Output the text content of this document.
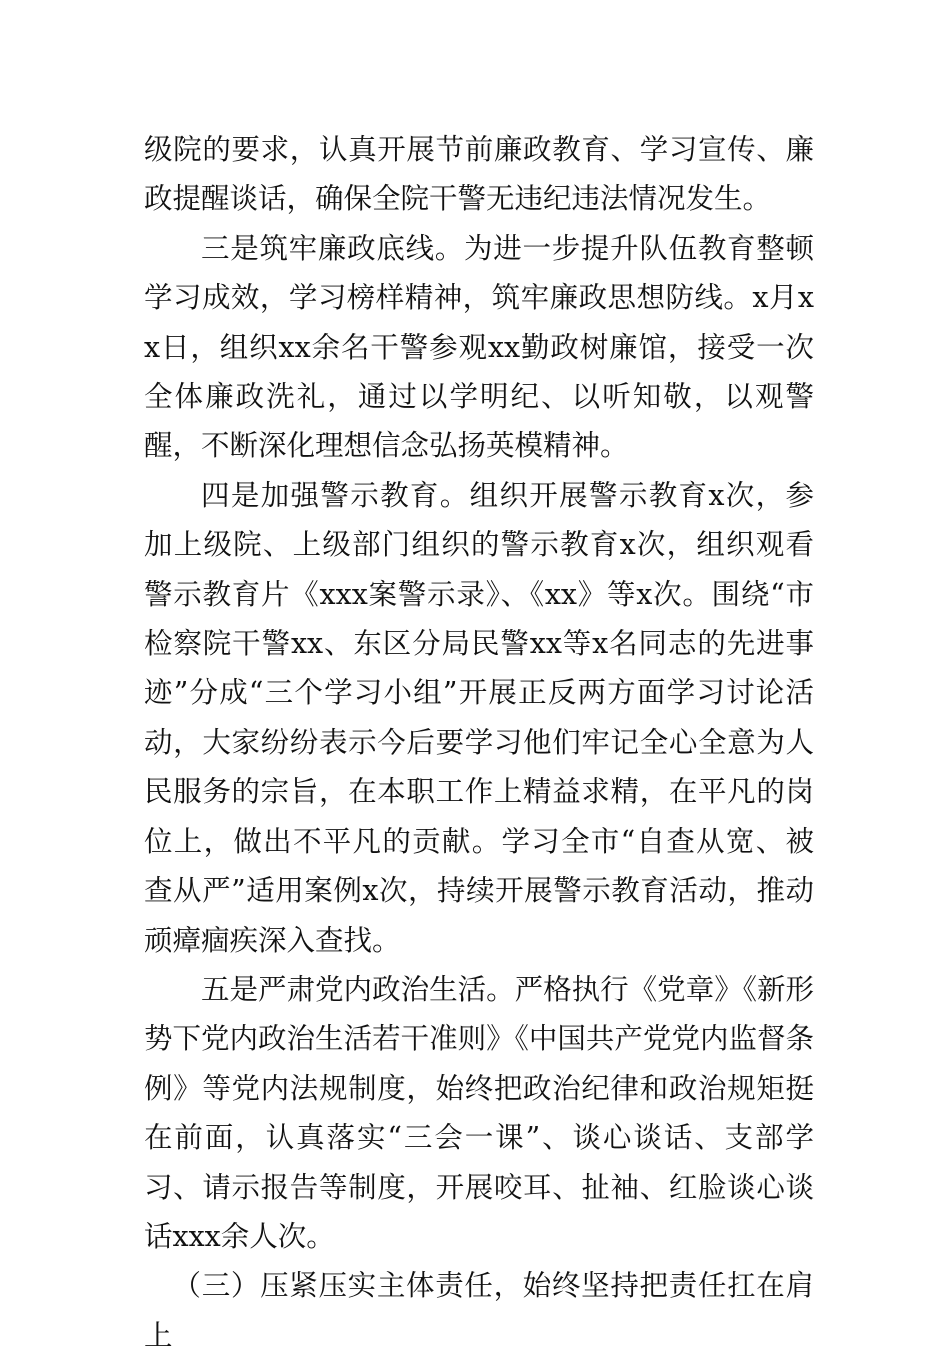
级院的要求，认真开展节前廉政教育、学习宣传、廉政提醒谈话，确保全院干警无违纪违法情况发生。

三是筑牢廉政底线。为进一步提升队伍教育整顿学习成效，学习榜样精神，筑牢廉政思想防线。x月xx日，组织xx余名干警参观xx勤政树廉馆，接受一次全体廉政洗礼，通过以学明纪、以听知敬，以观警醒，不断深化理想信念弘扬英模精神。

四是加强警示教育。组织开展警示教育x次，参加上级院、上级部门组织的警示教育x次，组织观看警示教育片《xxx案警示录》、《xx》等x次。围绕“市检察院干警xx、东区分局民警xx等x名同志的先进事迹”分成“三个学习小组”开展正反两方面学习讨论活动，大家纷纷表示今后要学习他们牢记全心全意为人民服务的宗旨，在本职工作上精益求精，在平凡的岗位上，做出不平凡的贡献。学习全市“自查从宽、被查从严”适用案例x次，持续开展警示教育活动，推动顽瘴痼疾深入查找。

五是严肃党内政治生活。严格执行《党章》《新形势下党内政治生活若干准则》《中国共产党党内监督条例》等党内法规制度，始终把政治纪律和政治规矩挺在前面，认真落实“三会一课”、谈心谈话、支部学习、请示报告等制度，开展咬耳、扯袖、红脸谈心谈话xxx余人次。

（三）压紧压实主体责任，始终坚持把责任扛在肩上
